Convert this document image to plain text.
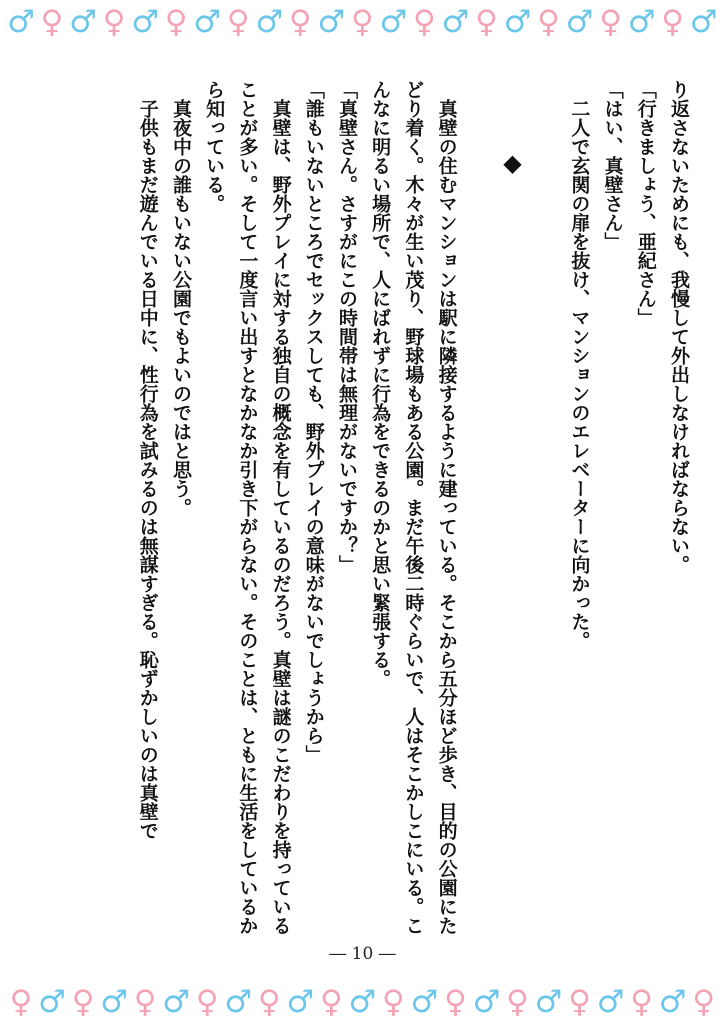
♂ ♀ ♂ ♀ ♂ ♀ ♂ ♀ ♂ ♀ ♂ ♀ ♂ ♀ ♂ ♀ ♂ ♀ ♂ ♀ ♂ ♀ ♂
り返さないためにも、我慢して外出しなければならない。
「行きましょう、亜紀さん」
「はい、真壁さん」
二人で玄関の扉を抜け、マンションのエレベーターに向かった。
◆
真壁の住むマンションは駅に隣接するように建っている。そこから五分ほど歩き、目的の公園にたどり着く。木々が生い茂り、野球場もある公園。まだ午後二時ぐらいで、人はそこかしこにいる。こんなに明るい場所で、人にばれずに行為をできるのかと思い緊張する。
「真壁さん。さすがにこの時間帯は無理がないですか？」
「誰もいないところでセックスしても、野外プレイの意味がないでしょうから」
真壁は、野外プレイに対する独自の概念を有しているのだろう。真壁は謎のこだわりを持っていることが多い。そして一度言い出すとなかなか引き下がらない。そのことは、ともに生活をしているから知っている。
真夜中の誰もいない公園でもよいのではと思う。
子供もまだ遊んでいる日中に、性行為を試みるのは無謀すぎる。恥ずかしいのは真壁で
― 10 ―
♀ ♂ ♀ ♂ ♀ ♂ ♀ ♂ ♀ ♂ ♀ ♂ ♀ ♂ ♀ ♂ ♀ ♂ ♀ ♂ ♀ ♂ ♀
